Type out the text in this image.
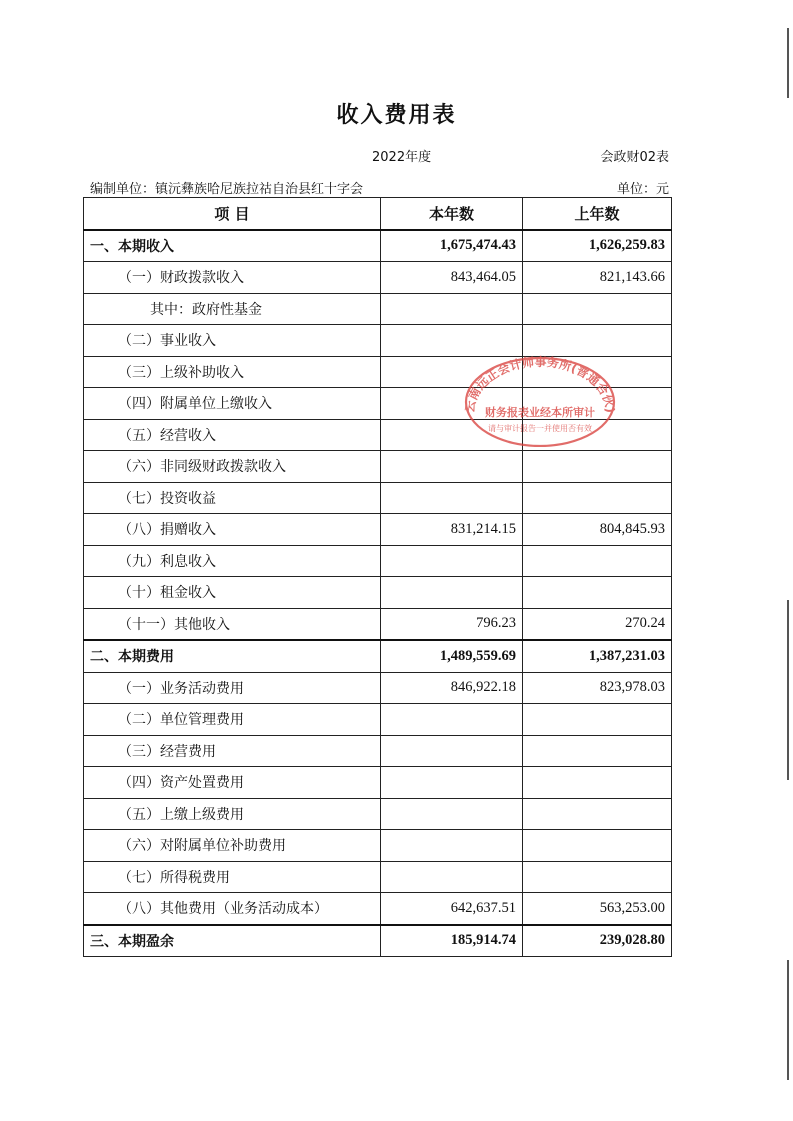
收入费用表
2022年度	会政财02表
编制单位：镇沅彝族哈尼族拉祜自治县红十字会	单位：元
项 目	本年数	上年数
一、本期收入	1,675,474.43	1,626,259.83
（一）财政拨款收入	843,464.05	821,143.66
其中：政府性基金		
（二）事业收入		
（三）上级补助收入		
（四）附属单位上缴收入		
（五）经营收入		
（六）非同级财政拨款收入		
（七）投资收益		
（八）捐赠收入	831,214.15	804,845.93
（九）利息收入		
（十）租金收入		
（十一）其他收入	796.23	270.24
二、本期费用	1,489,559.69	1,387,231.03
（一）业务活动费用	846,922.18	823,978.03
（二）单位管理费用		
（三）经营费用		
（四）资产处置费用		
（五）上缴上级费用		
（六）对附属单位补助费用		
（七）所得税费用		
（八）其他费用（业务活动成本）	642,637.51	563,253.00
三、本期盈余	185,914.74	239,028.80
云南远正会计师事务所(普通合伙)
财务报表业经本所审计
请与审计报告一并使用否有效
